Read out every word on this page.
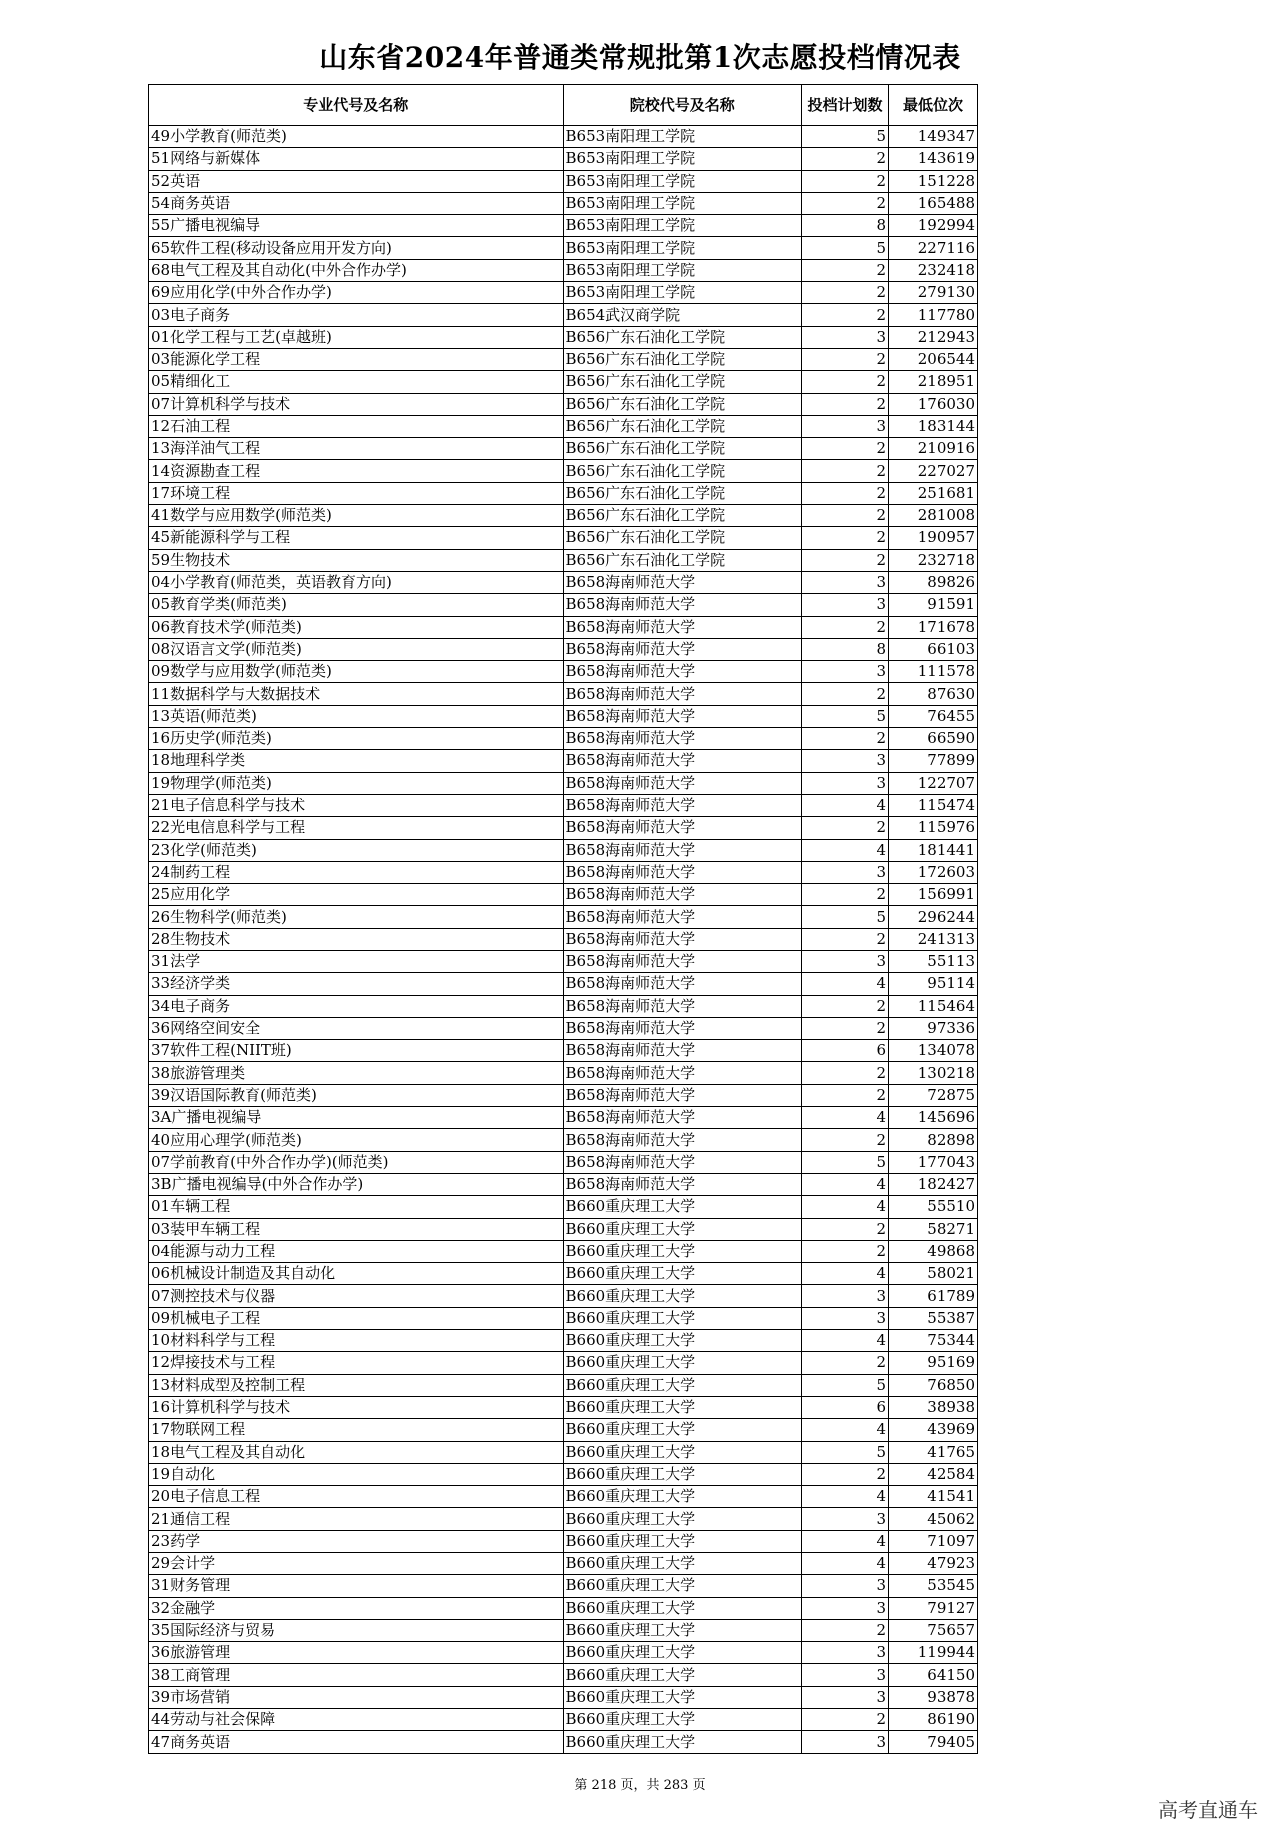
山东省2024年普通类常规批第1次志愿投档情况表
专业代号及名称	院校代号及名称	投档计划数	最低位次
49小学教育(师范类)	B653南阳理工学院	5	149347
51网络与新媒体	B653南阳理工学院	2	143619
52英语	B653南阳理工学院	2	151228
54商务英语	B653南阳理工学院	2	165488
55广播电视编导	B653南阳理工学院	8	192994
65软件工程(移动设备应用开发方向)	B653南阳理工学院	5	227116
68电气工程及其自动化(中外合作办学)	B653南阳理工学院	2	232418
69应用化学(中外合作办学)	B653南阳理工学院	2	279130
03电子商务	B654武汉商学院	2	117780
01化学工程与工艺(卓越班)	B656广东石油化工学院	3	212943
03能源化学工程	B656广东石油化工学院	2	206544
05精细化工	B656广东石油化工学院	2	218951
07计算机科学与技术	B656广东石油化工学院	2	176030
12石油工程	B656广东石油化工学院	3	183144
13海洋油气工程	B656广东石油化工学院	2	210916
14资源勘查工程	B656广东石油化工学院	2	227027
17环境工程	B656广东石油化工学院	2	251681
41数学与应用数学(师范类)	B656广东石油化工学院	2	281008
45新能源科学与工程	B656广东石油化工学院	2	190957
59生物技术	B656广东石油化工学院	2	232718
04小学教育(师范类，英语教育方向)	B658海南师范大学	3	89826
05教育学类(师范类)	B658海南师范大学	3	91591
06教育技术学(师范类)	B658海南师范大学	2	171678
08汉语言文学(师范类)	B658海南师范大学	8	66103
09数学与应用数学(师范类)	B658海南师范大学	3	111578
11数据科学与大数据技术	B658海南师范大学	2	87630
13英语(师范类)	B658海南师范大学	5	76455
16历史学(师范类)	B658海南师范大学	2	66590
18地理科学类	B658海南师范大学	3	77899
19物理学(师范类)	B658海南师范大学	3	122707
21电子信息科学与技术	B658海南师范大学	4	115474
22光电信息科学与工程	B658海南师范大学	2	115976
23化学(师范类)	B658海南师范大学	4	181441
24制药工程	B658海南师范大学	3	172603
25应用化学	B658海南师范大学	2	156991
26生物科学(师范类)	B658海南师范大学	5	296244
28生物技术	B658海南师范大学	2	241313
31法学	B658海南师范大学	3	55113
33经济学类	B658海南师范大学	4	95114
34电子商务	B658海南师范大学	2	115464
36网络空间安全	B658海南师范大学	2	97336
37软件工程(NIIT班)	B658海南师范大学	6	134078
38旅游管理类	B658海南师范大学	2	130218
39汉语国际教育(师范类)	B658海南师范大学	2	72875
3A广播电视编导	B658海南师范大学	4	145696
40应用心理学(师范类)	B658海南师范大学	2	82898
07学前教育(中外合作办学)(师范类)	B658海南师范大学	5	177043
3B广播电视编导(中外合作办学)	B658海南师范大学	4	182427
01车辆工程	B660重庆理工大学	4	55510
03装甲车辆工程	B660重庆理工大学	2	58271
04能源与动力工程	B660重庆理工大学	2	49868
06机械设计制造及其自动化	B660重庆理工大学	4	58021
07测控技术与仪器	B660重庆理工大学	3	61789
09机械电子工程	B660重庆理工大学	3	55387
10材料科学与工程	B660重庆理工大学	4	75344
12焊接技术与工程	B660重庆理工大学	2	95169
13材料成型及控制工程	B660重庆理工大学	5	76850
16计算机科学与技术	B660重庆理工大学	6	38938
17物联网工程	B660重庆理工大学	4	43969
18电气工程及其自动化	B660重庆理工大学	5	41765
19自动化	B660重庆理工大学	2	42584
20电子信息工程	B660重庆理工大学	4	41541
21通信工程	B660重庆理工大学	3	45062
23药学	B660重庆理工大学	4	71097
29会计学	B660重庆理工大学	4	47923
31财务管理	B660重庆理工大学	3	53545
32金融学	B660重庆理工大学	3	79127
35国际经济与贸易	B660重庆理工大学	2	75657
36旅游管理	B660重庆理工大学	3	119944
38工商管理	B660重庆理工大学	3	64150
39市场营销	B660重庆理工大学	3	93878
44劳动与社会保障	B660重庆理工大学	2	86190
47商务英语	B660重庆理工大学	3	79405
第 218 页，共 283 页
高考直通车
